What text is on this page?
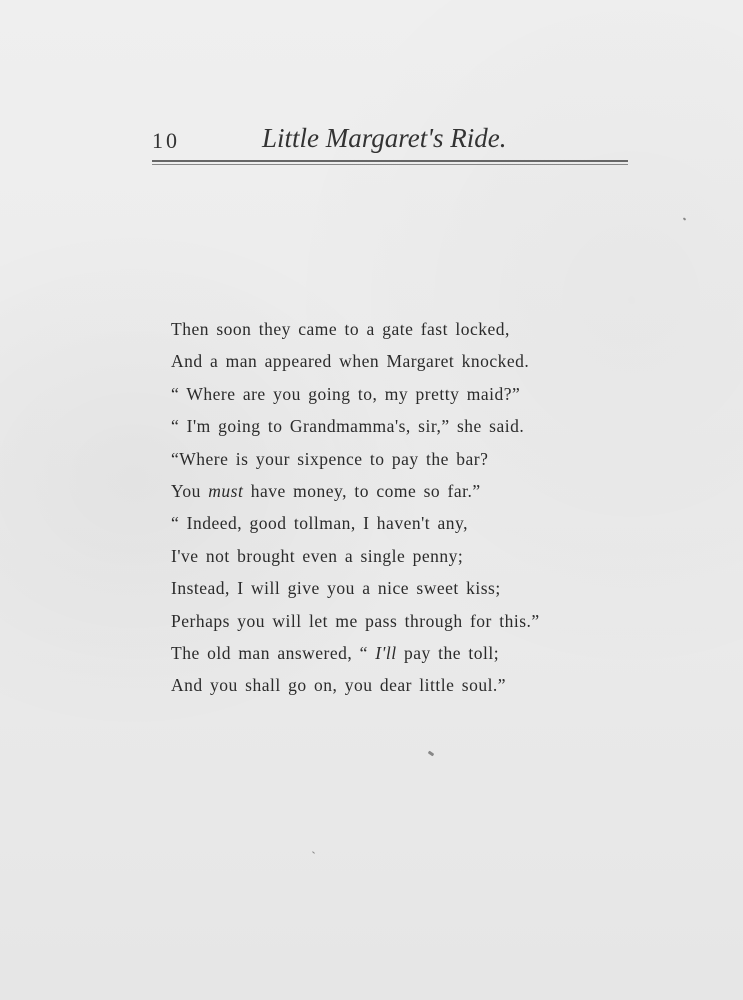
10	Little Margaret's Ride.
Then soon they came to a gate fast locked,
And a man appeared when Margaret knocked.
“ Where are you going to, my pretty maid?”
“ I'm going to Grandmamma's, sir,” she said.
“Where is your sixpence to pay the bar?
You must have money, to come so far.”
“ Indeed, good tollman, I haven't any,
I've not brought even a single penny;
Instead, I will give you a nice sweet kiss;
Perhaps you will let me pass through for this.”
The old man answered, “ I'll pay the toll;
And you shall go on, you dear little soul.”
